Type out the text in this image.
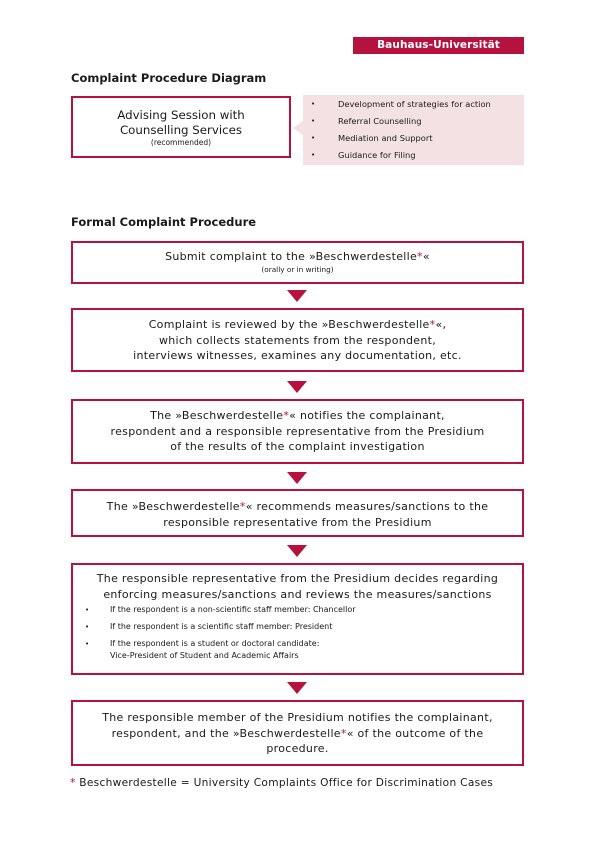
Bauhaus-Universität Weimar
Complaint Procedure Diagram
Advising Session with
Counselling Services
(recommended)
•	Development of strategies for action
•	Referral Counselling
•	Mediation and Support
•	Guidance for Filing
Formal Complaint Procedure
Submit complaint to the »Beschwerdestelle*«
(orally or in writing)
Complaint is reviewed by the »Beschwerdestelle*«,
which collects statements from the respondent,
interviews witnesses, examines any documentation, etc.
The »Beschwerdestelle*« notifies the complainant,
respondent and a responsible representative from the Presidium
of the results of the complaint investigation
The »Beschwerdestelle*« recommends measures/sanctions to the
responsible representative from the Presidium
The responsible representative from the Presidium decides regarding
enforcing measures/sanctions and reviews the measures/sanctions
•	If the respondent is a non-scientific staff member: Chancellor
•	If the respondent is a scientific staff member: President
•	If the respondent is a student or doctoral candidate:
Vice-President of Student and Academic Affairs
The responsible member of the Presidium notifies the complainant,
respondent, and the »Beschwerdestelle*« of the outcome of the
procedure.
* Beschwerdestelle = University Complaints Office for Discrimination Cases
